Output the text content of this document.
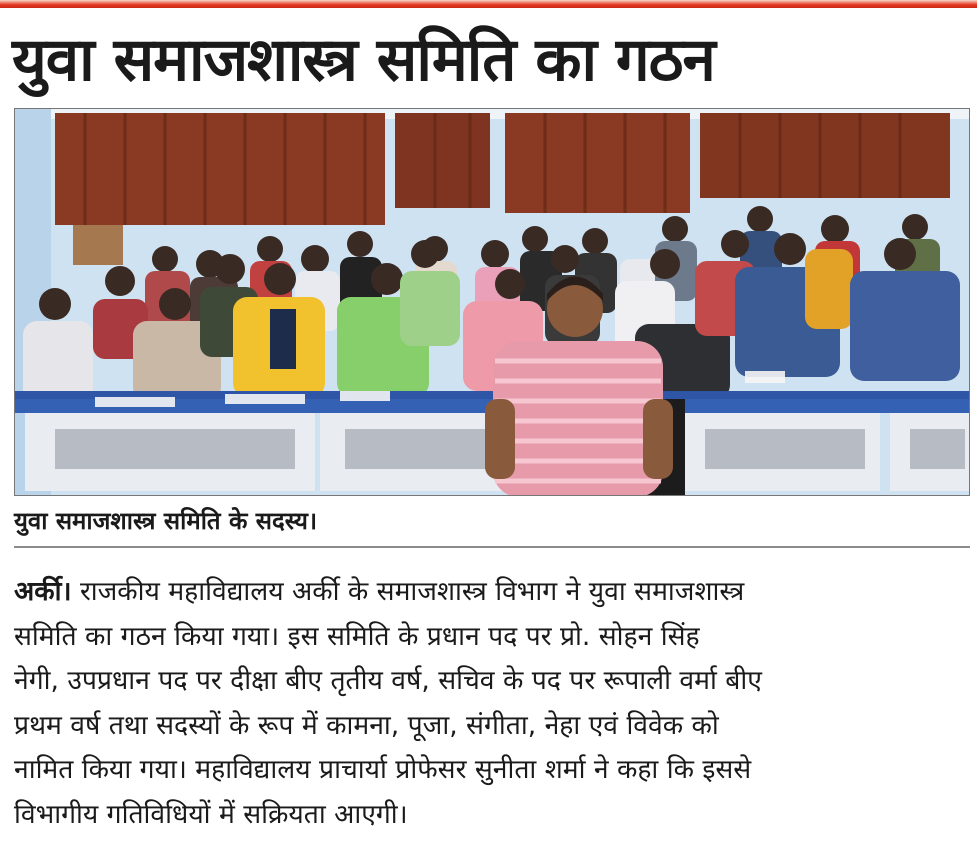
युवा समाजशास्त्र समिति का गठन
युवा समाजशास्त्र समिति के सदस्य।
अर्की। राजकीय महाविद्यालय अर्की के समाजशास्त्र विभाग ने युवा समाजशास्त्र
समिति का गठन किया गया। इस समिति के प्रधान पद पर प्रो. सोहन सिंह
नेगी, उपप्रधान पद पर दीक्षा बीए तृतीय वर्ष, सचिव के पद पर रूपाली वर्मा बीए
प्रथम वर्ष तथा सदस्यों के रूप में कामना, पूजा, संगीता, नेहा एवं विवेक को
नामित किया गया। महाविद्यालय प्राचार्या प्रोफेसर सुनीता शर्मा ने कहा कि इससे
विभागीय गतिविधियों में सक्रियता आएगी।
